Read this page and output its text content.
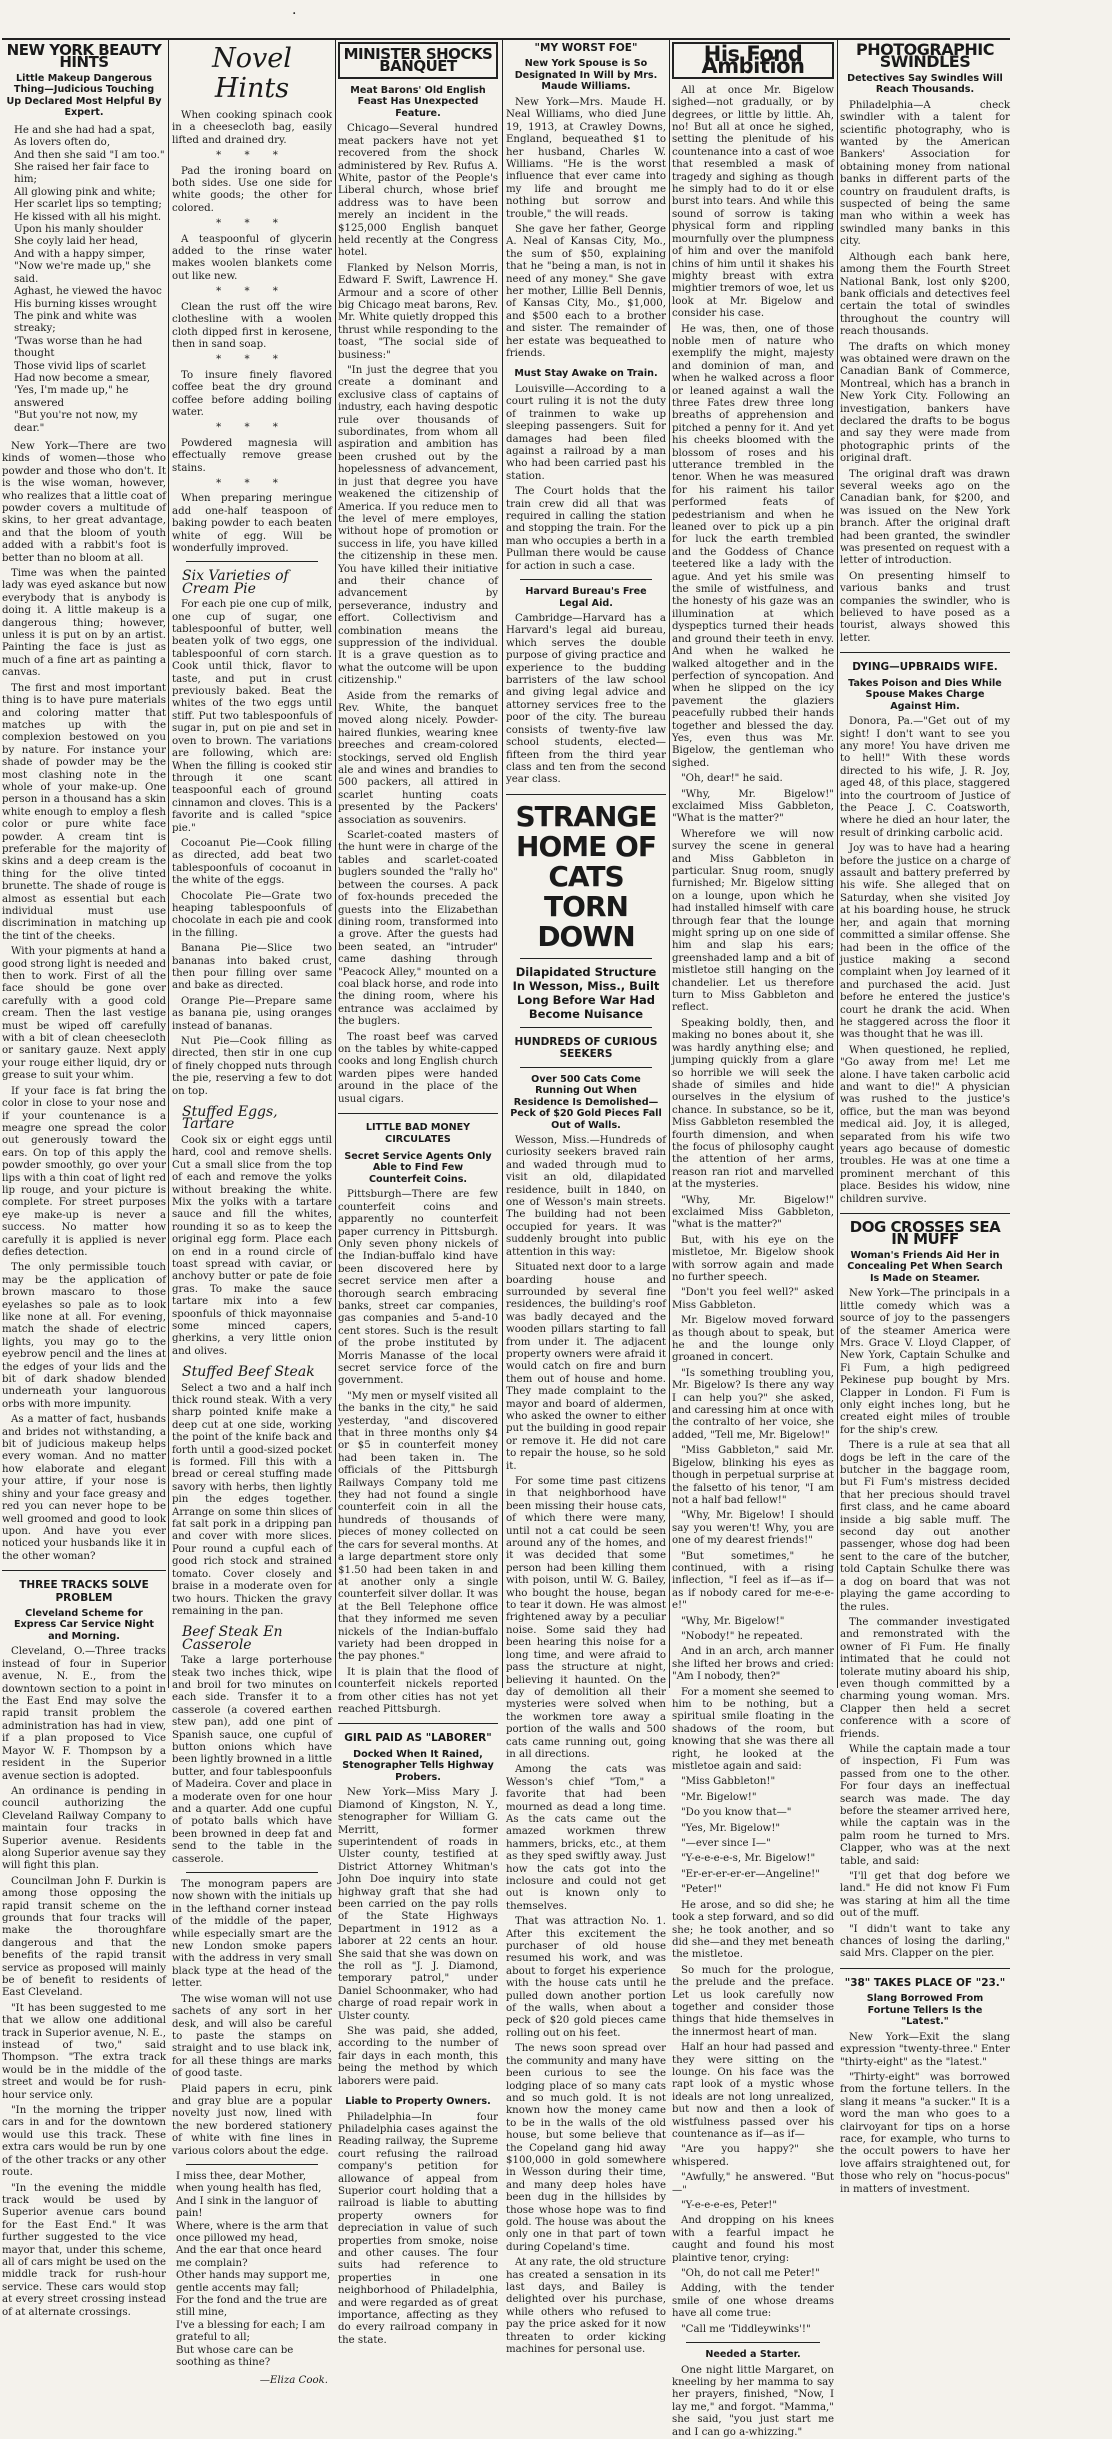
·
NEW YORK BEAUTY HINTS
Little Makeup Dangerous Thing—Judicious Touching Up Declared Most Helpful By Expert.
He and she had had a spat,
As lovers often do,
And then she said "I am too."
She raised her fair face to him;
All glowing pink and white;
Her scarlet lips so tempting;
He kissed with all his might.
Upon his manly shoulder
She coyly laid her head,
And with a happy simper,
"Now we're made up," she said.
Aghast, he viewed the havoc
His burning kisses wrought
The pink and white was streaky;
'Twas worse than he had thought
Those vivid lips of scarlet
Had now become a smear,
'Yes, I'm made up," he answered
"But you're not now, my dear."

New York—There are two kinds of women—those who powder and those who don't. It is the wise woman, however, who realizes that a little coat of powder covers a multitude of skins, to her great advantage, and that the bloom of youth added with a rabbit's foot is better than no bloom at all.

Time was when the painted lady was eyed askance but now everybody that is anybody is doing it. A little makeup is a dangerous thing; however, unless it is put on by an artist. Painting the face is just as much of a fine art as painting a canvas.

The first and most important thing is to have pure materials and coloring matter that matches up with the complexion bestowed on you by nature. For instance your shade of powder may be the most clashing note in the whole of your make-up. One person in a thousand has a skin white enough to employ a flesh color or pure white face powder. A cream tint is preferable for the majority of skins and a deep cream is the thing for the olive tinted brunette. The shade of rouge is almost as essential but each individual must use discrimination in matching up the tint of the cheeks.

With your pigments at hand a good strong light is needed and then to work. First of all the face should be gone over carefully with a good cold cream. Then the last vestige must be wiped off carefully with a bit of clean cheesecloth or sanitary gauze. Next apply your rouge either liquid, dry or grease to suit your whim.

If your face is fat bring the color in close to your nose and if your countenance is a meagre one spread the color out generously toward the ears. On top of this apply the powder smoothly, go over your lips with a thin coat of light red lip rouge, and your picture is complete. For street purposes eye make-up is never a success. No matter how carefully it is applied is never defies detection.

The only permissible touch may be the application of brown mascaro to those eyelashes so pale as to look like none at all. For evening, match the shade of electric lights, you may go to the eyebrow pencil and the lines at the edges of your lids and the bit of dark shadow blended underneath your languorous orbs with more impunity.

As a matter of fact, husbands and brides not withstanding, a bit of judicious makeup helps every woman. And no matter how elaborate and elegant your attire, if your nose is shiny and your face greasy and red you can never hope to be well groomed and good to look upon. And have you ever noticed your husbands like it in the other woman?

THREE TRACKS SOLVE PROBLEM
Cleveland Scheme for Express Car Service Night and Morning.

Cleveland, O.—Three tracks instead of four in Superior avenue, N. E., from the downtown section to a point in the East End may solve the rapid transit problem the administration has had in view, if a plan proposed to Vice Mayor W. F. Thompson by a resident in the Superior avenue section is adopted.

An ordinance is pending in council authorizing the Cleveland Railway Company to maintain four tracks in Superior avenue. Residents along Superior avenue say they will fight this plan.

Councilman John F. Durkin is among those opposing the rapid transit scheme on the grounds that four tracks will make the thoroughfare dangerous and that the benefits of the rapid transit service as proposed will mainly be of benefit to residents of East Cleveland.

"It has been suggested to me that we allow one additional track in Superior avenue, N. E., instead of two," said Thompson. "The extra track would be in the middle of the street and would be for rush-hour service only.

"In the morning the tripper cars in and for the downtown would use this track. These extra cars would be run by one of the other tracks or any other route.

"In the evening the middle track would be used by Superior avenue cars bound for the East End." It was further suggested to the vice mayor that, under this scheme, all of cars might be used on the middle track for rush-hour service. These cars would stop at every street crossing instead of at alternate crossings.

Novel Hints

When cooking spinach cook in a cheesecloth bag, easily lifted and drained dry.

* * *

Pad the ironing board on both sides. Use one side for white goods; the other for colored.

* * *

A teaspoonful of glycerin added to the rinse water makes woolen blankets come out like new.

* * *

Clean the rust off the wire clothesline with a woolen cloth dipped first in kerosene, then in sand soap.

* * *

To insure finely flavored coffee beat the dry ground coffee before adding boiling water.

* * *

Powdered magnesia will effectually remove grease stains.

* * *

When preparing meringue add one-half teaspoon of baking powder to each beaten white of egg. Will be wonderfully improved.

Six Varieties of Cream Pie

For each pie one cup of milk, one cup of sugar, one tablespoonful of butter, well beaten yolk of two eggs, one tablespoonful of corn starch. Cook until thick, flavor to taste, and put in crust previously baked. Beat the whites of the two eggs until stiff. Put two tablespoonfuls of sugar in, put on pie and set in oven to brown. The variations are following, which are: When the filling is cooked stir through it one scant teaspoonful each of ground cinnamon and cloves. This is a favorite and is called "spice pie."

Cocoanut Pie—Cook filling as directed, add beat two tablespoonfuls of cocoanut in the white of the eggs.

Chocolate Pie—Grate two heaping tablespoonfuls of chocolate in each pie and cook in the filling.

Banana Pie—Slice two bananas into baked crust, then pour filling over same and bake as directed.

Orange Pie—Prepare same as banana pie, using oranges instead of bananas.

Nut Pie—Cook filling as directed, then stir in one cup of finely chopped nuts through the pie, reserving a few to dot on top.

Stuffed Eggs, Tartare

Cook six or eight eggs until hard, cool and remove shells. Cut a small slice from the top of each and remove the yolks without breaking the white. Mix the yolks with a tartare sauce and fill the whites, rounding it so as to keep the original egg form. Place each on end in a round circle of toast spread with caviar, or anchovy butter or pate de foie gras. To make the sauce tartare mix into a few spoonfuls of thick mayonnaise some minced capers, gherkins, a very little onion and olives.

Stuffed Beef Steak

Select a two and a half inch thick round steak. With a very sharp pointed knife make a deep cut at one side, working the point of the knife back and forth until a good-sized pocket is formed. Fill this with a bread or cereal stuffing made savory with herbs, then lightly pin the edges together. Arrange on some thin slices of fat salt pork in a dripping pan and cover with more slices. Pour round a cupful each of good rich stock and strained tomato. Cover closely and braise in a moderate oven for two hours. Thicken the gravy remaining in the pan.

Beef Steak En Casserole

Take a large porterhouse steak two inches thick, wipe and broil for two minutes on each side. Transfer it to a casserole (a covered earthen stew pan), add one pint of Spanish sauce, one cupful of button onions which have been lightly browned in a little butter, and four tablespoonfuls of Madeira. Cover and place in a moderate oven for one hour and a quarter. Add one cupful of potato balls which have been browned in deep fat and send to the table in the casserole.

The monogram papers are now shown with the initials up in the lefthand corner instead of the middle of the paper, while especially smart are the new London smoke papers with the address in very small black type at the head of the letter.

The wise woman will not use sachets of any sort in her desk, and will also be careful to paste the stamps on straight and to use black ink, for all these things are marks of good taste.

Plaid papers in ecru, pink and gray blue are a popular novelty just now, lined with the new bordered stationery of white with fine lines in various colors about the edge.

I miss thee, dear Mother, when young health has fled,
And I sink in the languor of pain!
Where, where is the arm that once pillowed my head,
And the ear that once heard me complain?
Other hands may support me, gentle accents may fall;
For the fond and the true are still mine,
I've a blessing for each; I am grateful to all;
But whose care can be soothing as thine?
—Eliza Cook.
MINISTER SHOCKS BANQUET
Meat Barons' Old English Feast Has Unexpected Feature.

Chicago—Several hundred meat packers have not yet recovered from the shock administered by Rev. Rufus A. White, pastor of the People's Liberal church, whose brief address was to have been merely an incident in the $125,000 English banquet held recently at the Congress hotel.

Flanked by Nelson Morris, Edward F. Swift, Lawrence H. Armour and a score of other big Chicago meat barons, Rev. Mr. White quietly dropped this thrust while responding to the toast, "The social side of business:"

"In just the degree that you create a dominant and exclusive class of captains of industry, each having despotic rule over thousands of subordinates, from whom all aspiration and ambition has been crushed out by the hopelessness of advancement, in just that degree you have weakened the citizenship of America. If you reduce men to the level of mere employes, without hope of promotion or success in life, you have killed the citizenship in these men. You have killed their initiative and their chance of advancement by perseverance, industry and effort. Collectivism and combination means the suppression of the individual. It is a grave question as to what the outcome will be upon citizenship."

Aside from the remarks of Rev. White, the banquet moved along nicely. Powder-haired flunkies, wearing knee breeches and cream-colored stockings, served old English ale and wines and brandies to 500 packers, all attired in scarlet hunting coats presented by the Packers' association as souvenirs.

Scarlet-coated masters of the hunt were in charge of the tables and scarlet-coated buglers sounded the "rally ho" between the courses. A pack of fox-hounds preceded the guests into the Elizabethan dining room, transformed into a grove. After the guests had been seated, an "intruder" came dashing through "Peacock Alley," mounted on a coal black horse, and rode into the dining room, where his entrance was acclaimed by the buglers.

The roast beef was carved on the tables by white-capped cooks and long English church warden pipes were handed around in the place of the usual cigars.

LITTLE BAD MONEY CIRCULATES
Secret Service Agents Only Able to Find Few Counterfeit Coins.

Pittsburgh—There are few counterfeit coins and apparently no counterfeit paper currency in Pittsburgh. Only seven phony nickels of the Indian-buffalo kind have been discovered here by secret service men after a thorough search embracing banks, street car companies, gas companies and 5-and-10 cent stores. Such is the result of the probe instituted by Morris Manasse of the local secret service force of the government.

"My men or myself visited all the banks in the city," he said yesterday, "and discovered that in three months only $4 or $5 in counterfeit money had been taken in. The officials of the Pittsburgh Railways Company told me they had not found a single counterfeit coin in all the hundreds of thousands of pieces of money collected on the cars for several months. At a large department store only $1.50 had been taken in and at another only a single counterfeit silver dollar. It was at the Bell Telephone office that they informed me seven nickels of the Indian-buffalo variety had been dropped in the pay phones."

It is plain that the flood of counterfeit nickels reported from other cities has not yet reached Pittsburgh.

GIRL PAID AS "LABORER"
Docked When It Rained, Stenographer Tells Highway Probers.

New York—Miss Mary J. Diamond of Kingston, N. Y., stenographer for William G. Merritt, former superintendent of roads in Ulster county, testified at District Attorney Whitman's John Doe inquiry into state highway graft that she had been carried on the pay rolls of the State Highways Department in 1912 as a laborer at 22 cents an hour. She said that she was down on the roll as "J. J. Diamond, temporary patrol," under Daniel Schoonmaker, who had charge of road repair work in Ulster county.

She was paid, she added, according to the number of fair days in each month, this being the method by which laborers were paid.

Liable to Property Owners.

Philadelphia—In four Philadelphia cases against the Reading railway, the Supreme court refusing the railroad company's petition for allowance of appeal from Superior court holding that a railroad is liable to abutting property owners for depreciation in value of such properties from smoke, noise and other causes. The four suits had reference to properties in one neighborhood of Philadelphia, and were regarded as of great importance, affecting as they do every railroad company in the state.

"MY WORST FOE"
New York Spouse is So Designated In Will by Mrs. Maude Williams.

New York—Mrs. Maude H. Neal Williams, who died June 19, 1913, at Crawley Downs, England, bequeathed $1 to her husband, Charles W. Williams. "He is the worst influence that ever came into my life and brought me nothing but sorrow and trouble," the will reads.

She gave her father, George A. Neal of Kansas City, Mo., the sum of $50, explaining that he "being a man, is not in need of any money." She gave her mother, Lillie Bell Dennis, of Kansas City, Mo., $1,000, and $500 each to a brother and sister. The remainder of her estate was bequeathed to friends.

Must Stay Awake on Train.

Louisville—According to a court ruling it is not the duty of trainmen to wake up sleeping passengers. Suit for damages had been filed against a railroad by a man who had been carried past his station.

The Court holds that the train crew did all that was required in calling the station and stopping the train. For the man who occupies a berth in a Pullman there would be cause for action in such a case.

Harvard Bureau's Free Legal Aid.

Cambridge—Harvard has a Harvard's legal aid bureau, which serves the double purpose of giving practice and experience to the budding barristers of the law school and giving legal advice and attorney services free to the poor of the city. The bureau consists of twenty-five law school students, elected—fifteen from the third year class and ten from the second year class.

STRANGE HOME OF CATS TORN DOWN
Dilapidated Structure In Wesson, Miss., Built Long Before War Had Become Nuisance
HUNDREDS OF CURIOUS SEEKERS
Over 500 Cats Come Running Out When Residence Is Demolished—Peck of $20 Gold Pieces Fall Out of Walls.

Wesson, Miss.—Hundreds of curiosity seekers braved rain and waded through mud to visit an old, dilapidated residence, built in 1840, on one of Wesson's main streets. The building had not been occupied for years. It was suddenly brought into public attention in this way:

Situated next door to a large boarding house and surrounded by several fine residences, the building's roof was badly decayed and the wooden pillars starting to fall from under it. The adjacent property owners were afraid it would catch on fire and burn them out of house and home. They made complaint to the mayor and board of aldermen, who asked the owner to either put the building in good repair or remove it. He did not care to repair the house, so he sold it.

For some time past citizens in that neighborhood have been missing their house cats, of which there were many, until not a cat could be seen around any of the homes, and it was decided that some person had been killing them with poison, until W. G. Bailey, who bought the house, began to tear it down. He was almost frightened away by a peculiar noise. Some said they had been hearing this noise for a long time, and were afraid to pass the structure at night, believing it haunted. On the day of demolition all their mysteries were solved when the workmen tore away a portion of the walls and 500 cats came running out, going in all directions.

Among the cats was Wesson's chief "Tom," a favorite that had been mourned as dead a long time. As the cats came out the amazed workmen threw hammers, bricks, etc., at them as they sped swiftly away. Just how the cats got into the inclosure and could not get out is known only to themselves.

That was attraction No. 1. After this excitement the purchaser of old house resumed his work, and was about to forget his experience with the house cats until he pulled down another portion of the walls, when about a peck of $20 gold pieces came rolling out on his feet.

The news soon spread over the community and many have been curious to see the lodging place of so many cats and so much gold. It is not known how the money came to be in the walls of the old house, but some believe that the Copeland gang hid away $100,000 in gold somewhere in Wesson during their time, and many deep holes have been dug in the hillsides by those whose hope was to find gold. The house was about the only one in that part of town during Copeland's time.

At any rate, the old structure has created a sensation in its last days, and Bailey is delighted over his purchase, while others who refused to pay the price asked for it now threaten to order kicking machines for personal use.

His Fond Ambition

All at once Mr. Bigelow sighed—not gradually, or by degrees, or little by little. Ah, no! But all at once he sighed, setting the plenitude of his countenance into a cast of woe that resembled a mask of tragedy and sighing as though he simply had to do it or else burst into tears. And while this sound of sorrow is taking physical form and rippling mournfully over the plumpness of him and over the manifold chins of him until it shakes his mighty breast with extra mightier tremors of woe, let us look at Mr. Bigelow and consider his case.

He was, then, one of those noble men of nature who exemplify the might, majesty and dominion of man, and when he walked across a floor or leaned against a wall the three Fates drew three long breaths of apprehension and pitched a penny for it. And yet his cheeks bloomed with the blossom of roses and his utterance trembled in the tenor. When he was measured for his raiment his tailor performed feats of pedestrianism and when he leaned over to pick up a pin for luck the earth trembled and the Goddess of Chance teetered like a lady with the ague. And yet his smile was the smile of wistfulness, and the honesty of his gaze was an illumination at which dyspeptics turned their heads and ground their teeth in envy. And when he walked he walked altogether and in the perfection of syncopation. And when he slipped on the icy pavement the glaziers peacefully rubbed their hands together and blessed the day. Yes, even thus was Mr. Bigelow, the gentleman who sighed.

"Oh, dear!" he said.

"Why, Mr. Bigelow!" exclaimed Miss Gabbleton, "What is the matter?"

Wherefore we will now survey the scene in general and Miss Gabbleton in particular. Snug room, snugly furnished; Mr. Bigelow sitting on a lounge, upon which he had installed himself with care through fear that the lounge might spring up on one side of him and slap his ears; greenshaded lamp and a bit of mistletoe still hanging on the chandelier. Let us therefore turn to Miss Gabbleton and reflect.

Speaking boldly, then, and making no bones about it, she was hardly anything else; and jumping quickly from a glare so horrible we will seek the shade of similes and hide ourselves in the elysium of chance. In substance, so be it, Miss Gabbleton resembled the fourth dimension, and when the focus of philosophy caught the attention of her arms, reason ran riot and marvelled at the mysteries.

"Why, Mr. Bigelow!" exclaimed Miss Gabbleton, "what is the matter?"

But, with his eye on the mistletoe, Mr. Bigelow shook with sorrow again and made no further speech.

"Don't you feel well?" asked Miss Gabbleton.

Mr. Bigelow moved forward as though about to speak, but he and the lounge only groaned in concert.

"Is something troubling you, Mr. Bigelow? Is there any way I can help you?" she asked, and caressing him at once with the contralto of her voice, she added, "Tell me, Mr. Bigelow!"

"Miss Gabbleton," said Mr. Bigelow, blinking his eyes as though in perpetual surprise at the falsetto of his tenor, "I am not a half bad fellow!"

"Why, Mr. Bigelow! I should say you weren't! Why, you are one of my dearest friends!"

"But sometimes," he continued, with a rising inflection, "I feel as if—as if—as if nobody cared for me-e-e-e!"

"Why, Mr. Bigelow!"

"Nobody!" he repeated.

And in an arch, arch manner she lifted her brows and cried: "Am I nobody, then?"

For a moment she seemed to him to be nothing, but a spiritual smile floating in the shadows of the room, but knowing that she was there all right, he looked at the mistletoe again and said:

"Miss Gabbleton!"

"Mr. Bigelow!"

"Do you know that—"

"Yes, Mr. Bigelow!"

"—ever since I—"

"Y-e-e-e-e-s, Mr. Bigelow!"

"Er-er-er-er-er—Angeline!"

"Peter!"

He arose, and so did she; he took a step forward, and so did she; he took another, and so did she—and they met beneath the mistletoe.

So much for the prologue, the prelude and the preface. Let us look carefully now together and consider those things that hide themselves in the innermost heart of man.

Half an hour had passed and they were sitting on the lounge. On his face was the rapt look of a mystic whose ideals are not long unrealized, but now and then a look of wistfulness passed over his countenance as if—as if—

"Are you happy?" she whispered.

"Awfully," he answered. "But—"

"Y-e-e-e-es, Peter!"

And dropping on his knees with a fearful impact he caught and found his most plaintive tenor, crying:

"Oh, do not call me Peter!"

Adding, with the tender smile of one whose dreams have all come true:

"Call me 'Tiddleywinks'!"

Needed a Starter.

One night little Margaret, on kneeling by her mamma to say her prayers, finished, "Now, I lay me," and forgot. "Mamma," she said, "you just start me and I can go a-whizzing."

PHOTOGRAPHIC SWINDLES
Detectives Say Swindles Will Reach Thousands.

Philadelphia—A check swindler with a talent for scientific photography, who is wanted by the American Bankers' Association for obtaining money from national banks in different parts of the country on fraudulent drafts, is suspected of being the same man who within a week has swindled many banks in this city.

Although each bank here, among them the Fourth Street National Bank, lost only $200, bank officials and detectives feel certain the total of swindles throughout the country will reach thousands.

The drafts on which money was obtained were drawn on the Canadian Bank of Commerce, Montreal, which has a branch in New York City. Following an investigation, bankers have declared the drafts to be bogus and say they were made from photographic prints of the original draft.

The original draft was drawn several weeks ago on the Canadian bank, for $200, and was issued on the New York branch. After the original draft had been granted, the swindler was presented on request with a letter of introduction.

On presenting himself to various banks and trust companies the swindler, who is believed to have posed as a tourist, always showed this letter.

DYING—UPBRAIDS WIFE.
Takes Poison and Dies While Spouse Makes Charge Against Him.

Donora, Pa.—"Get out of my sight! I don't want to see you any more! You have driven me to hell!" With these words directed to his wife, J. R. Joy, aged 48, of this place, staggered into the courtroom of Justice of the Peace J. C. Coatsworth, where he died an hour later, the result of drinking carbolic acid.

Joy was to have had a hearing before the justice on a charge of assault and battery preferred by his wife. She alleged that on Saturday, when she visited Joy at his boarding house, he struck her, and again that morning committed a similar offense. She had been in the office of the justice making a second complaint when Joy learned of it and purchased the acid. Just before he entered the justice's court he drank the acid. When he staggered across the floor it was thought that he was ill.

When questioned, he replied, "Go away from me! Let me alone. I have taken carbolic acid and want to die!" A physician was rushed to the justice's office, but the man was beyond medical aid. Joy, it is alleged, separated from his wife two years ago because of domestic troubles. He was at one time a prominent merchant of this place. Besides his widow, nine children survive.

DOG CROSSES SEA IN MUFF
Woman's Friends Aid Her in Concealing Pet When Search Is Made on Steamer.

New York—The principals in a little comedy which was a source of joy to the passengers of the steamer America were Mrs. Grace V. Lloyd Clapper, of New York, Captain Schulke and Fi Fum, a high pedigreed Pekinese pup bought by Mrs. Clapper in London. Fi Fum is only eight inches long, but he created eight miles of trouble for the ship's crew.

There is a rule at sea that all dogs be left in the care of the butcher in the baggage room, but Fi Fum's mistress decided that her precious should travel first class, and he came aboard inside a big sable muff. The second day out another passenger, whose dog had been sent to the care of the butcher, told Captain Schulke there was a dog on board that was not playing the game according to the rules.

The commander investigated and remonstrated with the owner of Fi Fum. He finally intimated that he could not tolerate mutiny aboard his ship, even though committed by a charming young woman. Mrs. Clapper then held a secret conference with a score of friends.

While the captain made a tour of inspection, Fi Fum was passed from one to the other. For four days an ineffectual search was made. The day before the steamer arrived here, while the captain was in the palm room he turned to Mrs. Clapper, who was at the next table, and said:

"I'll get that dog before we land." He did not know Fi Fum was staring at him all the time out of the muff.

"I didn't want to take any chances of losing the darling," said Mrs. Clapper on the pier.

"38" TAKES PLACE OF "23."
Slang Borrowed From Fortune Tellers Is the "Latest."

New York—Exit the slang expression "twenty-three." Enter "thirty-eight" as the "latest."

"Thirty-eight" was borrowed from the fortune tellers. In the slang it means "a sucker." It is a word the man who goes to a clairvoyant for tips on a horse race, for example, who turns to the occult powers to have her love affairs straightened out, for those who rely on "hocus-pocus" in matters of investment.
